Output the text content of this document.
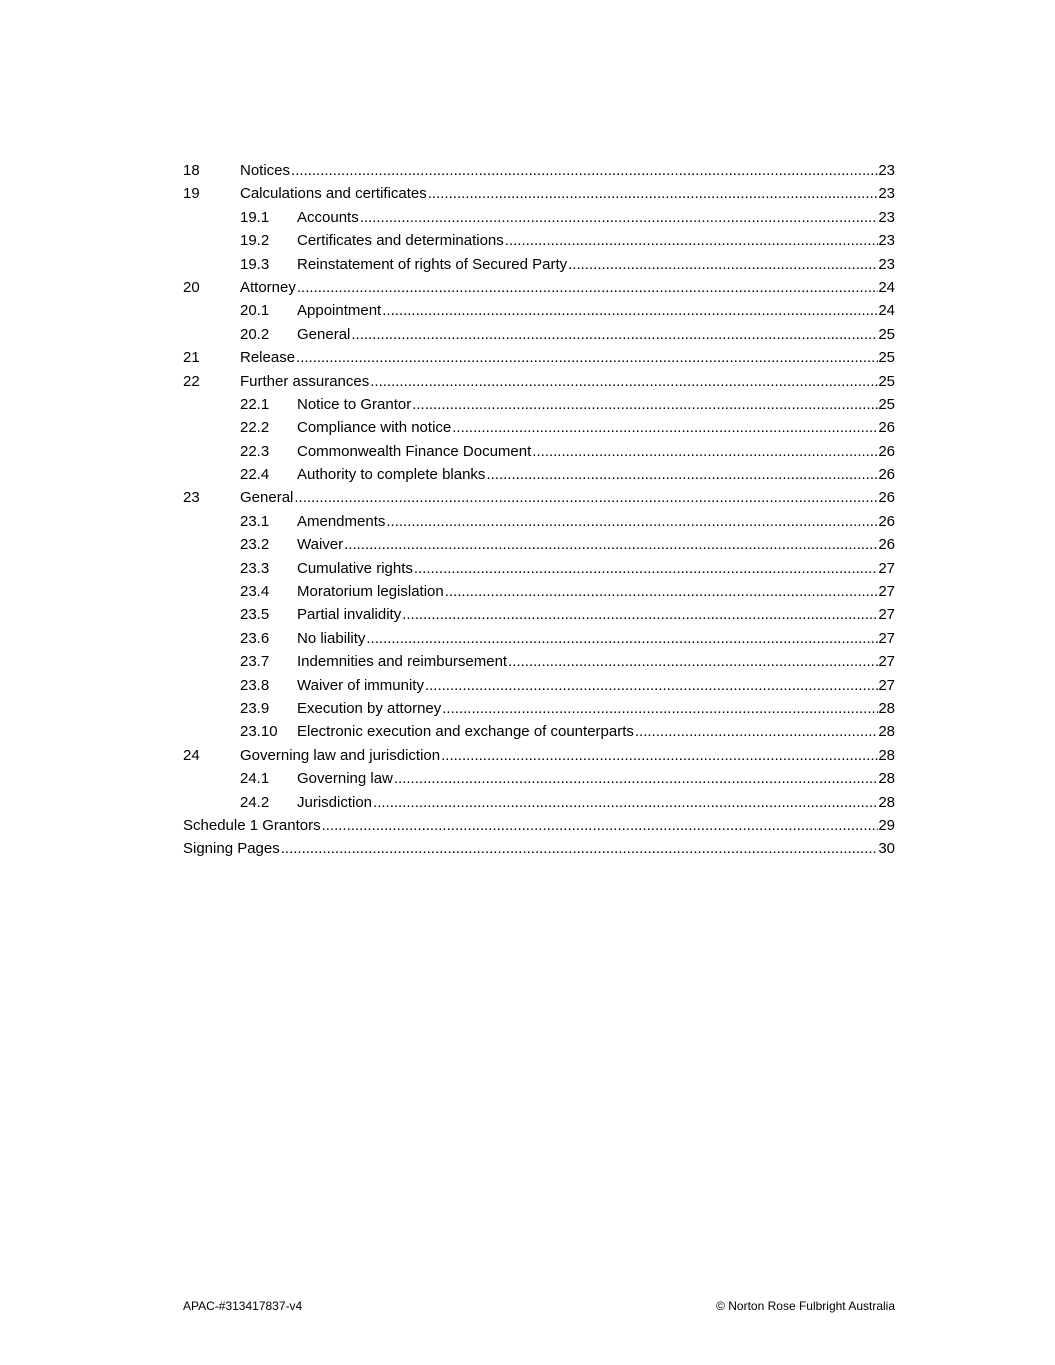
18	Notices .....	23
19	Calculations and certificates .....	23
19.1	Accounts .....	23
19.2	Certificates and determinations .....	23
19.3	Reinstatement of rights of Secured Party .....	23
20	Attorney .....	24
20.1	Appointment .....	24
20.2	General .....	25
21	Release .....	25
22	Further assurances .....	25
22.1	Notice to Grantor .....	25
22.2	Compliance with notice .....	26
22.3	Commonwealth Finance Document .....	26
22.4	Authority to complete blanks .....	26
23	General .....	26
23.1	Amendments .....	26
23.2	Waiver .....	26
23.3	Cumulative rights .....	27
23.4	Moratorium legislation .....	27
23.5	Partial invalidity .....	27
23.6	No liability .....	27
23.7	Indemnities and reimbursement .....	27
23.8	Waiver of immunity .....	27
23.9	Execution by attorney .....	28
23.10	Electronic execution and exchange of counterparts .....	28
24	Governing law and jurisdiction .....	28
24.1	Governing law .....	28
24.2	Jurisdiction .....	28
Schedule 1 Grantors .....	29
Signing Pages .....	30
APAC-#313417837-v4	© Norton Rose Fulbright Australia
